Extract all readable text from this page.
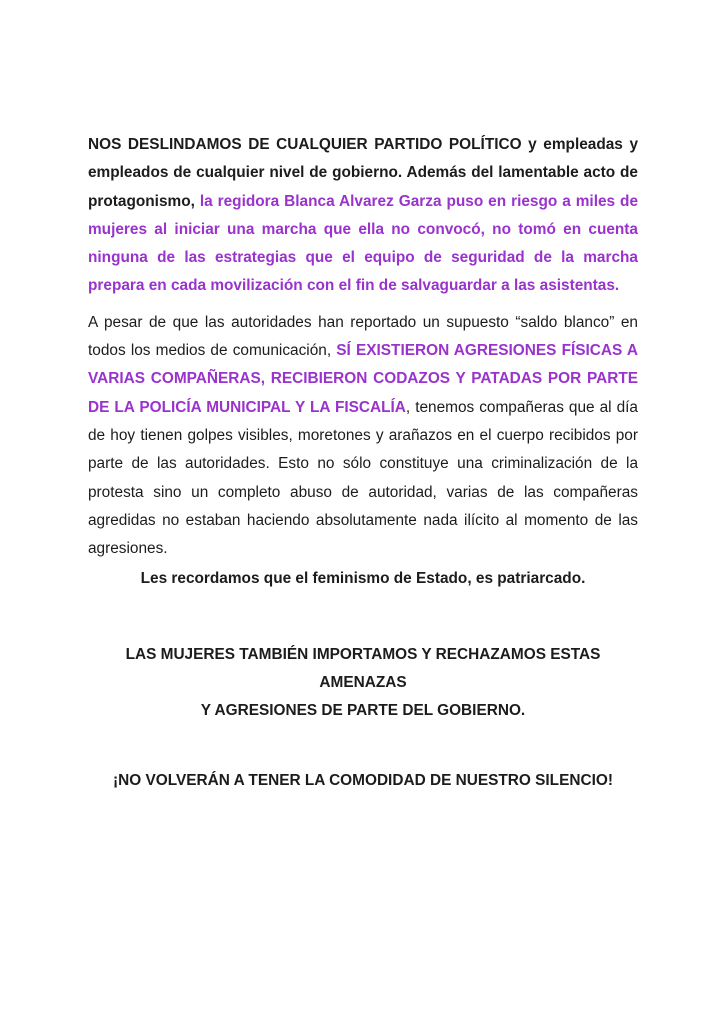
NOS DESLINDAMOS DE CUALQUIER PARTIDO POLÍTICO y empleadas y empleados de cualquier nivel de gobierno. Además del lamentable acto de protagonismo, la regidora Blanca Alvarez Garza puso en riesgo a miles de mujeres al iniciar una marcha que ella no convocó, no tomó en cuenta ninguna de las estrategias que el equipo de seguridad de la marcha prepara en cada movilización con el fin de salvaguardar a las asistentas.

A pesar de que las autoridades han reportado un supuesto “saldo blanco” en todos los medios de comunicación, SÍ EXISTIERON AGRESIONES FÍSICAS A VARIAS COMPAÑERAS, RECIBIERON CODAZOS Y PATADAS POR PARTE DE LA POLICÍA MUNICIPAL Y LA FISCALÍA, tenemos compañeras que al día de hoy tienen golpes visibles, moretones y arañazos en el cuerpo recibidos por parte de las autoridades. Esto no sólo constituye una criminalización de la protesta sino un completo abuso de autoridad, varias de las compañeras agredidas no estaban haciendo absolutamente nada ilícito al momento de las agresiones.

Les recordamos que el feminismo de Estado, es patriarcado.

LAS MUJERES TAMBIÉN IMPORTAMOS Y RECHAZAMOS ESTAS AMENAZAS
Y AGRESIONES DE PARTE DEL GOBIERNO.

¡NO VOLVERÁN A TENER LA COMODIDAD DE NUESTRO SILENCIO!
